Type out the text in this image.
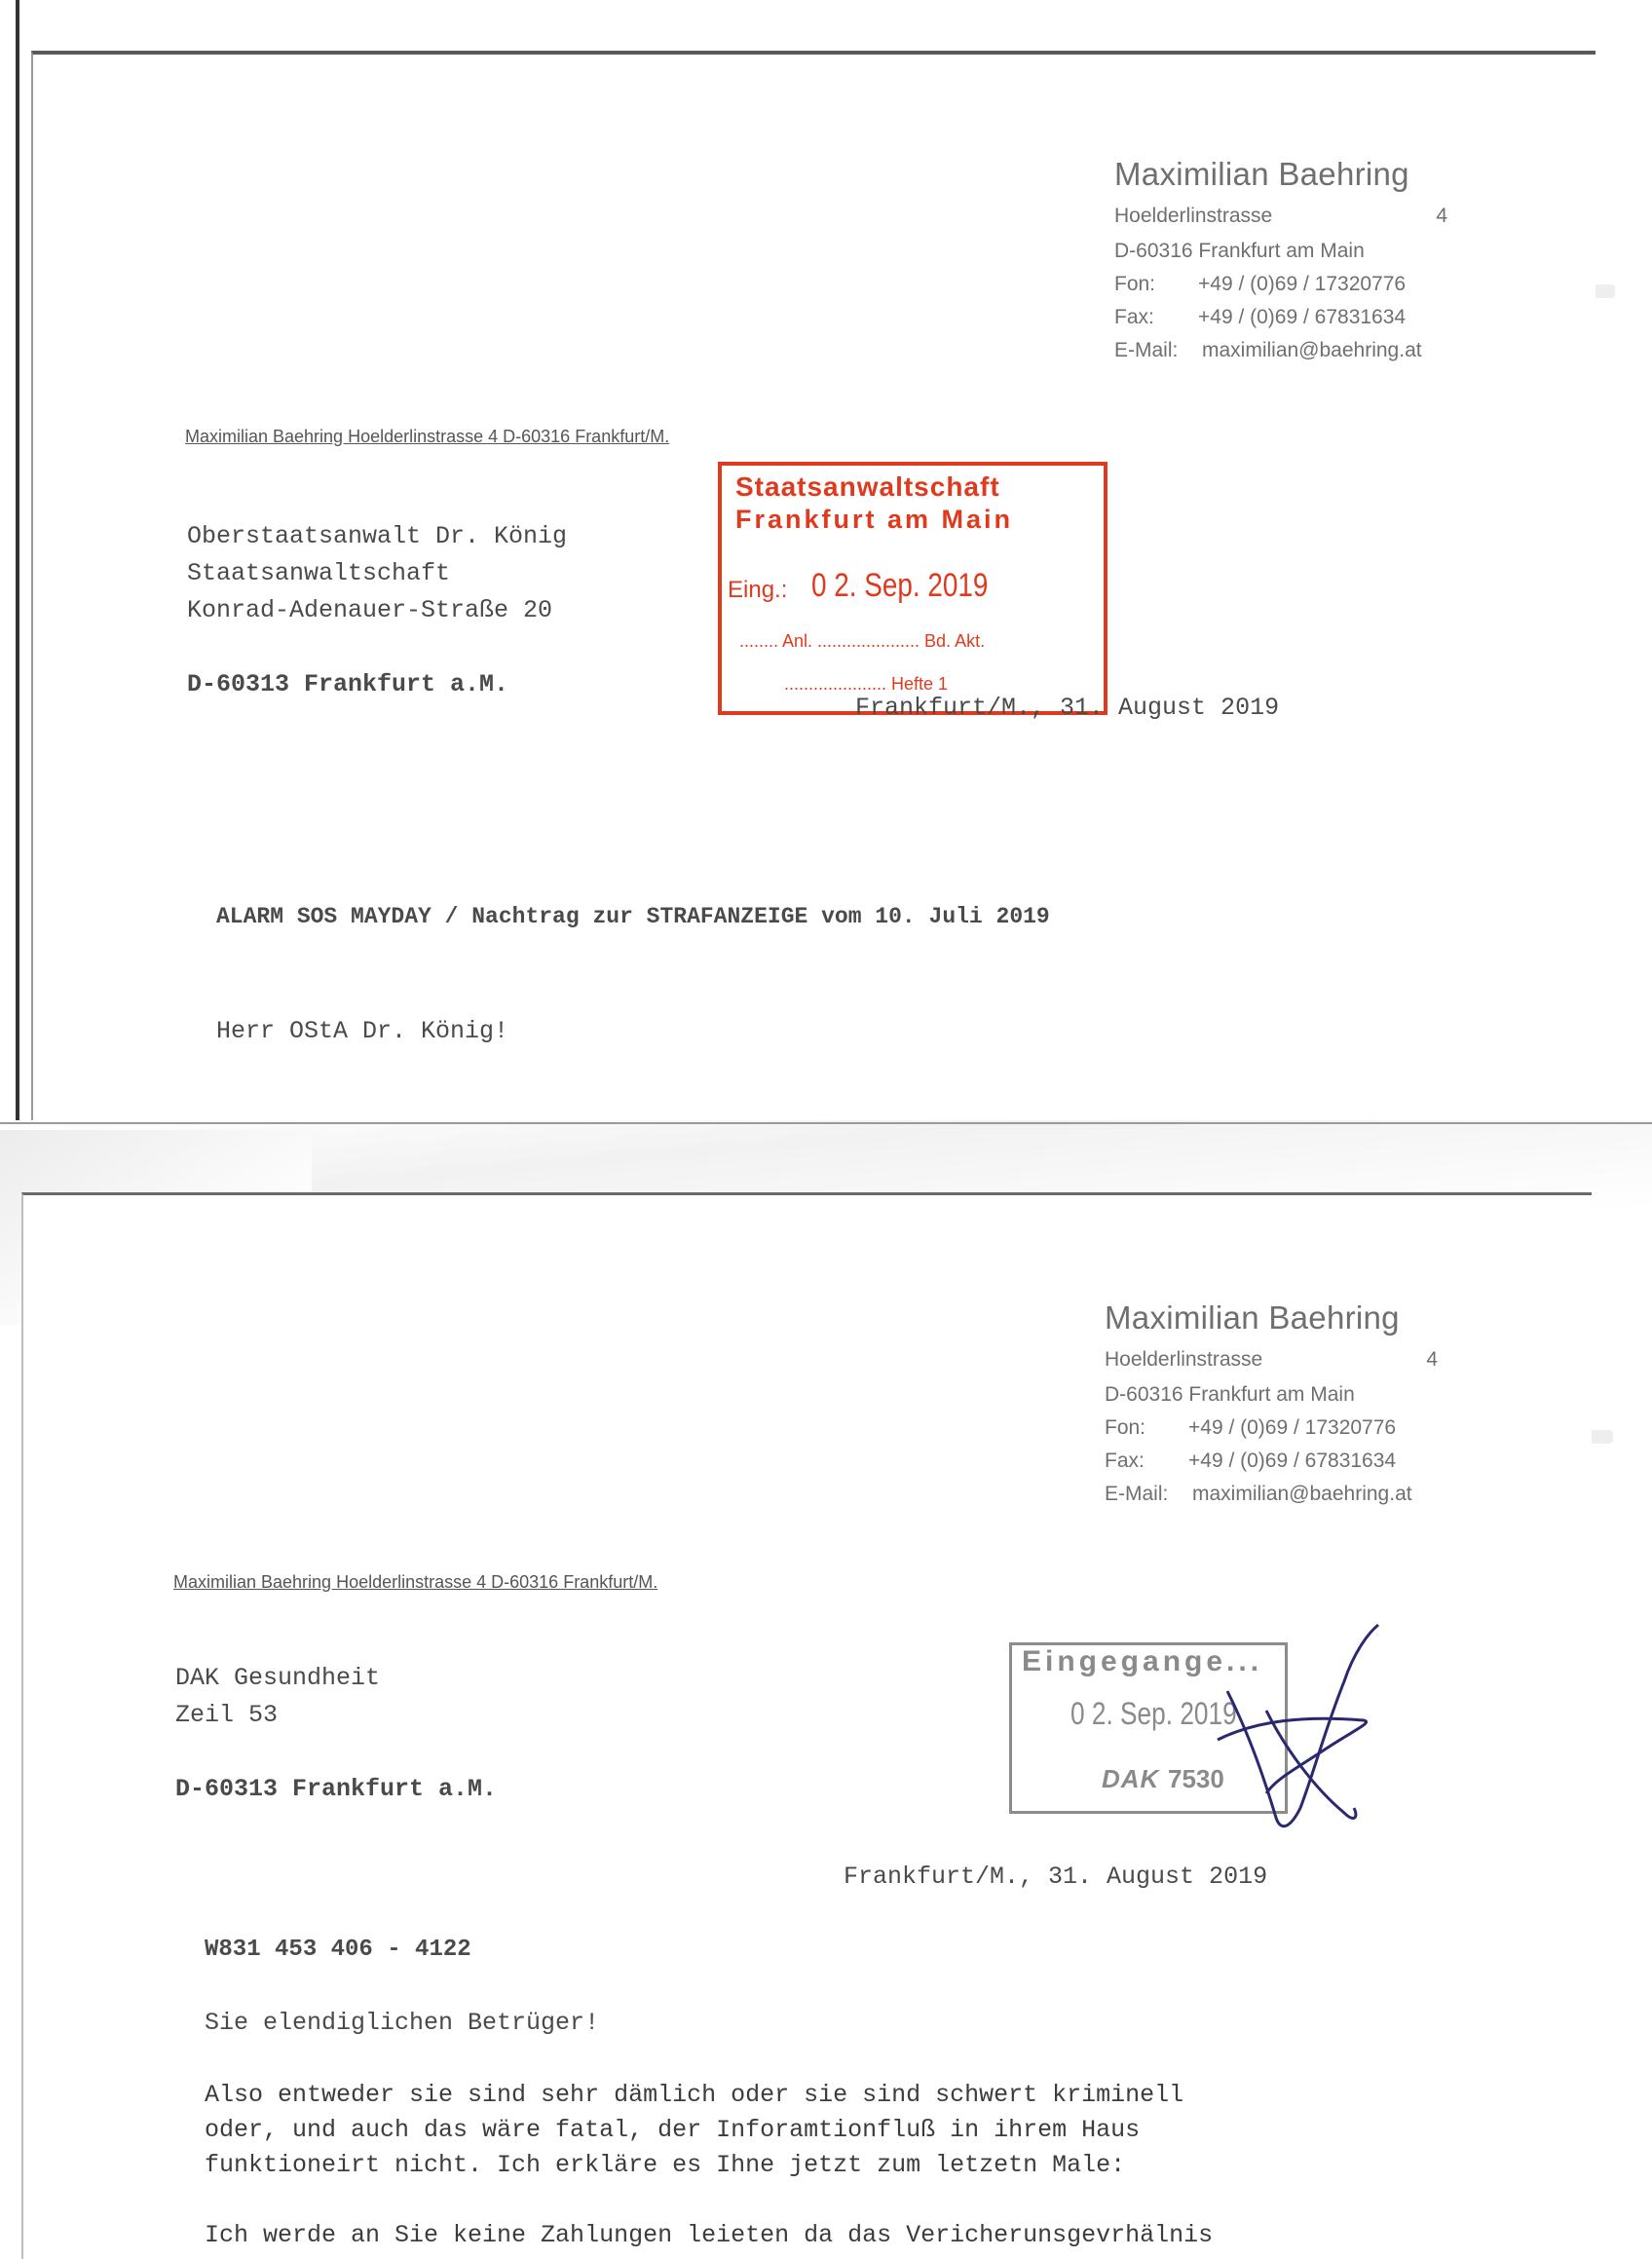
Maximilian Baehring
Hoelderlinstrasse	4
D-60316 Frankfurt am Main
Fon: +49 / (0)69 / 17320776
Fax: +49 / (0)69 / 67831634
E-Mail: maximilian@baehring.at
Maximilian Baehring Hoelderlinstrasse 4 D-60316 Frankfurt/M.
Oberstaatsanwalt Dr. König
Staatsanwaltschaft
Konrad-Adenauer-Straße 20
D-60313 Frankfurt a.M.
Staatsanwaltschaft
Frankfurt am Main
Eing.: 0 2. Sep. 2019
........ Anl. ..................... Bd. Akt.
..................... Hefte 1
Frankfurt/M., 31. August 2019
ALARM SOS MAYDAY / Nachtrag zur STRAFANZEIGE vom 10. Juli 2019
Herr OStA Dr. König!
Maximilian Baehring
Hoelderlinstrasse	4
D-60316 Frankfurt am Main
Fon: +49 / (0)69 / 17320776
Fax: +49 / (0)69 / 67831634
E-Mail: maximilian@baehring.at
Maximilian Baehring Hoelderlinstrasse 4 D-60316 Frankfurt/M.
DAK Gesundheit
Zeil 53
D-60313 Frankfurt a.M.
Eingegange...
0 2. Sep. 2019
DAK 7530
Frankfurt/M., 31. August 2019
W831 453 406 - 4122
Sie elendiglichen Betrüger!
Also entweder sie sind sehr dämlich oder sie sind schwert kriminell
oder, und auch das wäre fatal, der Inforamtionfluß in ihrem Haus
funktioneirt nicht. Ich erkläre es Ihne jetzt zum letzetn Male:
Ich werde an Sie keine Zahlungen leieten da das Vericherunsgevrhälnis
